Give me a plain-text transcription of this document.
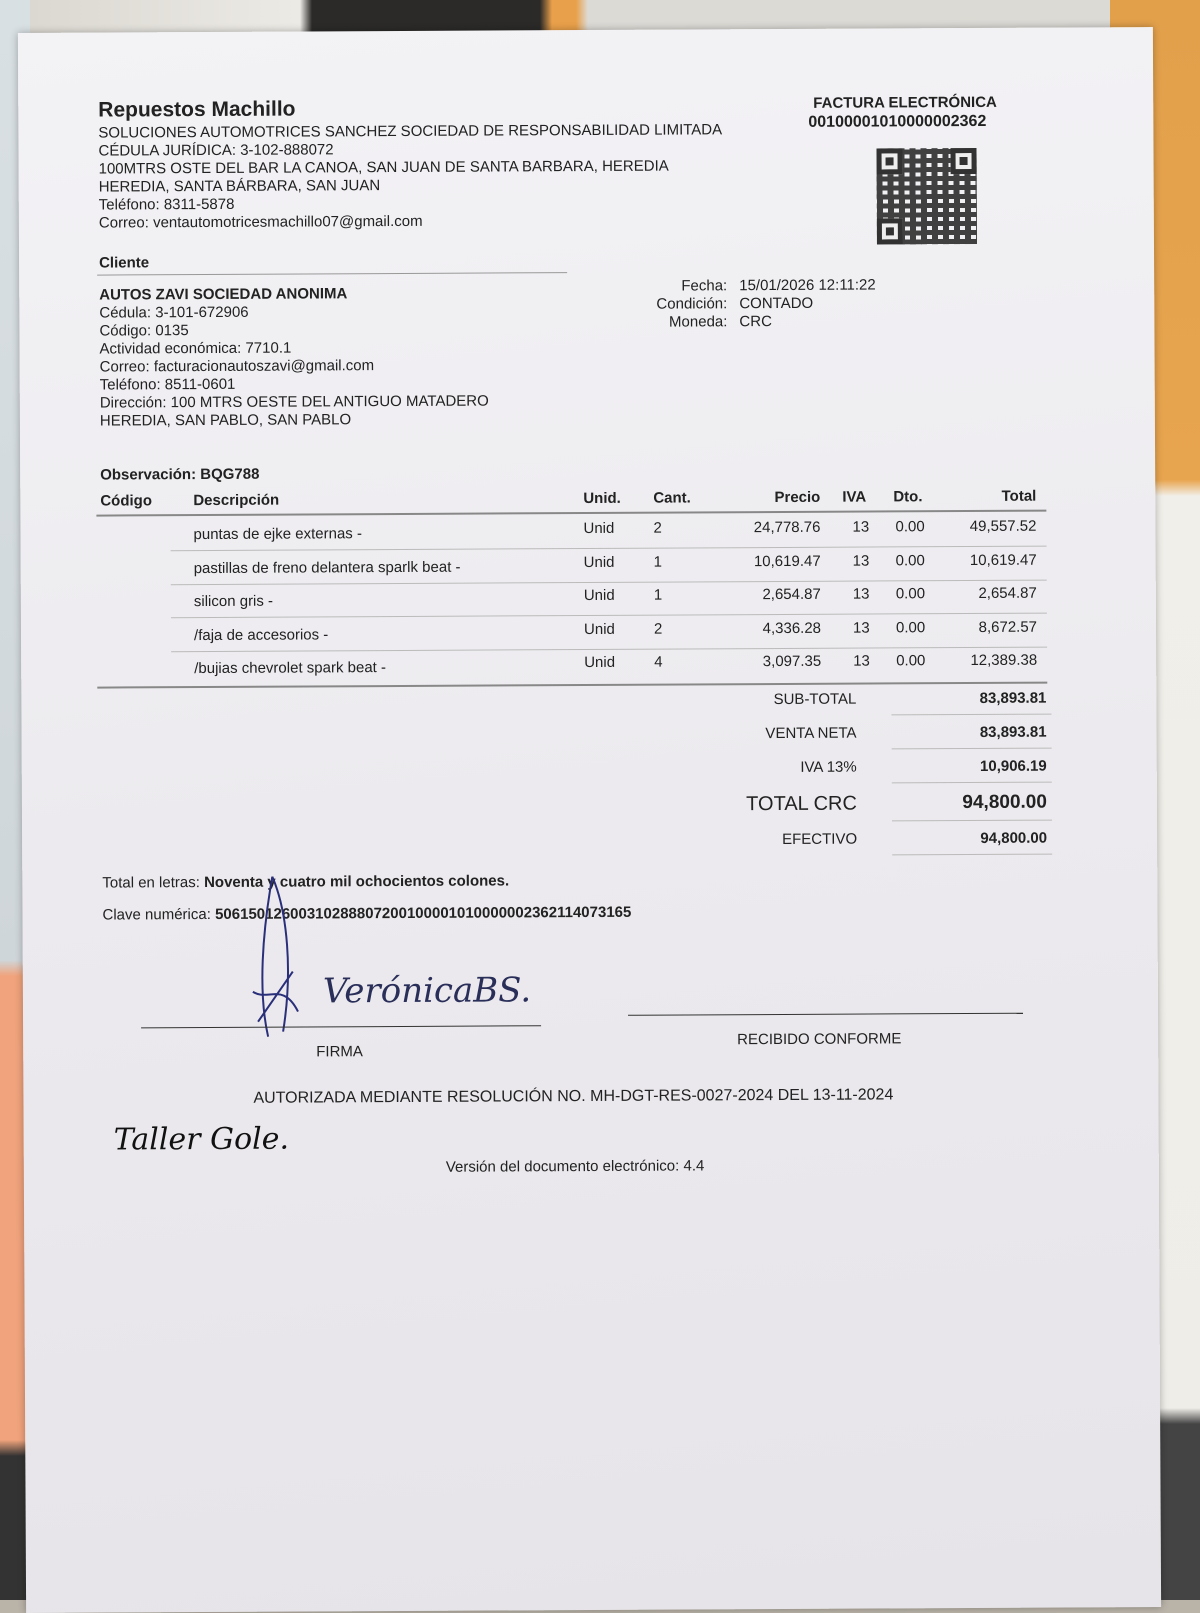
Repuestos Machillo
SOLUCIONES AUTOMOTRICES SANCHEZ SOCIEDAD DE RESPONSABILIDAD LIMITADA
CÉDULA JURÍDICA: 3-102-888072
100MTRS OSTE DEL BAR LA CANOA, SAN JUAN DE SANTA BARBARA, HEREDIA
HEREDIA, SANTA BÁRBARA, SAN JUAN
Teléfono: 8311-5878
Correo: ventautomotricesmachillo07@gmail.com
FACTURA ELECTRÓNICA
00100001010000002362
Cliente
AUTOS ZAVI SOCIEDAD ANONIMA
Cédula: 3-101-672906
Código: 0135
Actividad económica: 7710.1
Correo: facturacionautoszavi@gmail.com
Teléfono: 8511-0601
Dirección: 100 MTRS OESTE DEL ANTIGUO MATADERO
HEREDIA, SAN PABLO, SAN PABLO
Fecha: 15/01/2026 12:11:22
Condición: CONTADO
Moneda: CRC
Observación: BQG788
Código	Descripción	Unid. Cant.	Precio IVA Dto.	Total
puntas de ejke externas -	Unid	2	24,778.76 13 0.00	49,557.52
pastillas de freno delantera sparlk beat -	Unid	1	10,619.47 13 0.00	10,619.47
silicon gris -	Unid	1	2,654.87 13 0.00	2,654.87
/faja de accesorios -	Unid	2	4,336.28 13 0.00	8,672.57
/bujias chevrolet spark beat -	Unid	4	3,097.35 13 0.00	12,389.38
SUB-TOTAL	83,893.81
VENTA NETA	83,893.81
IVA 13%	10,906.19
TOTAL CRC	94,800.00
EFECTIVO	94,800.00
Total en letras: Noventa y cuatro mil ochocientos colones.
Clave numérica: 50615012600310288807200100001010000002362114073165
VerónicaBS.
FIRMA
RECIBIDO CONFORME
AUTORIZADA MEDIANTE RESOLUCIÓN NO. MH-DGT-RES-0027-2024 DEL 13-11-2024
Taller Gole.
Versión del documento electrónico: 4.4
